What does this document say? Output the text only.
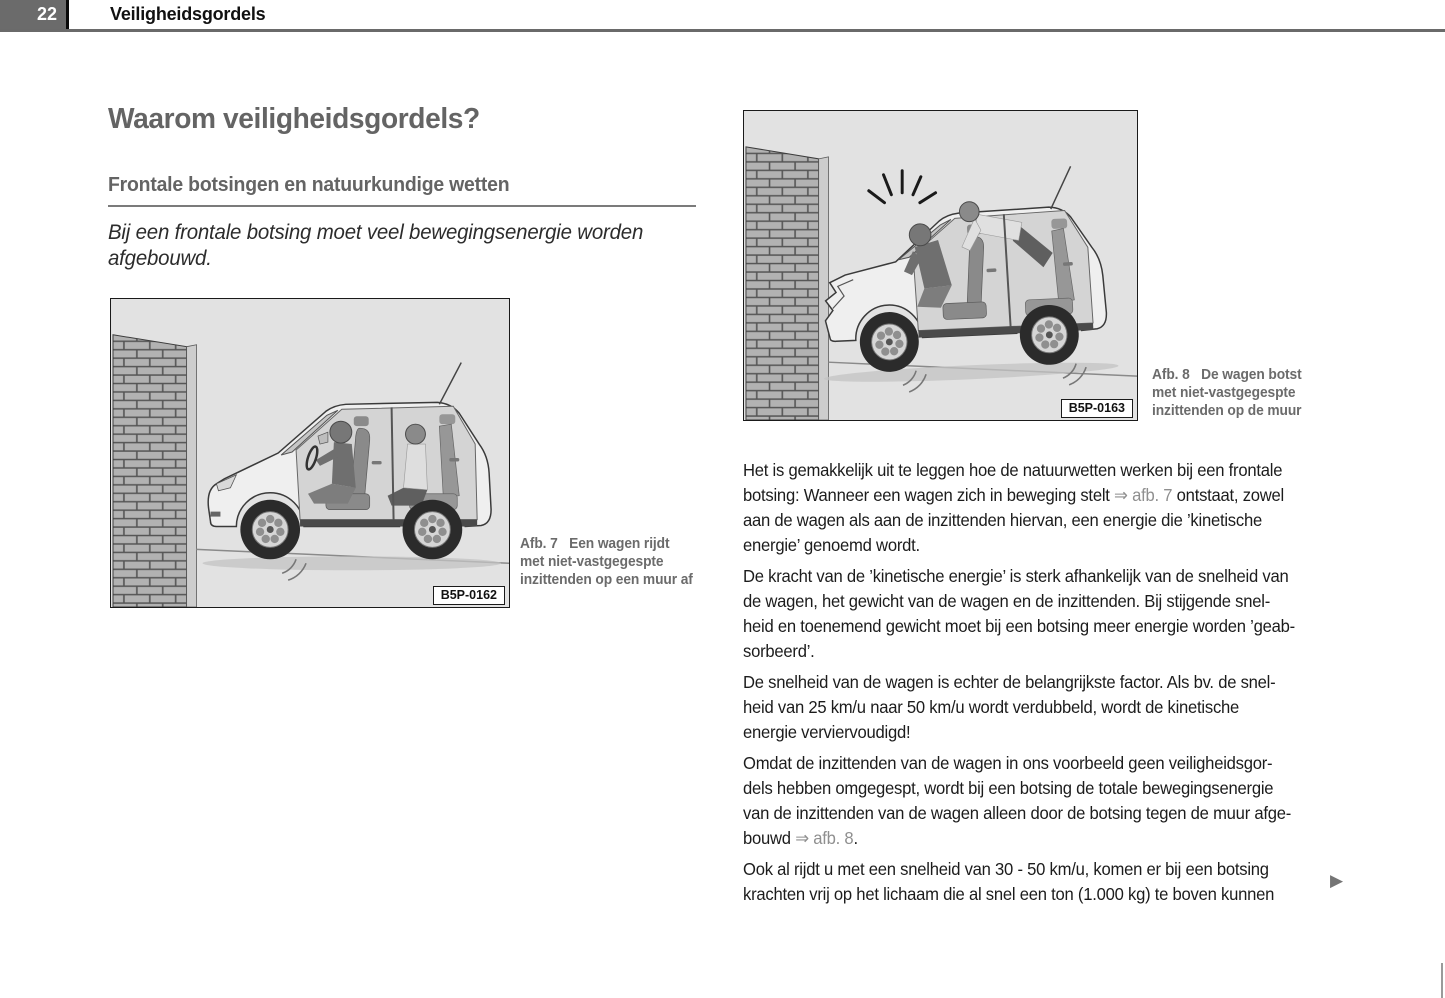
22	Veiligheidsgordels
Waarom veiligheidsgordels?
Frontale botsingen en natuurkundige wetten
Bij een frontale botsing moet veel bewegingsenergie worden afgebouwd.
B5P-0162
Afb. 7 Een wagen rijdt met niet-vastgegespte inzittenden op een muur af
B5P-0163
Afb. 8 De wagen botst met niet-vastgegespte inzittenden op de muur
Het is gemakkelijk uit te leggen hoe de natuurwetten werken bij een frontale
botsing: Wanneer een wagen zich in beweging stelt ⇒ afb. 7 ontstaat, zowel
aan de wagen als aan de inzittenden hiervan, een energie die ’kinetische
energie’ genoemd wordt.
De kracht van de ’kinetische energie’ is sterk afhankelijk van de snelheid van
de wagen, het gewicht van de wagen en de inzittenden. Bij stijgende snel-
heid en toenemend gewicht moet bij een botsing meer energie worden ’geab-
sorbeerd’.
De snelheid van de wagen is echter de belangrijkste factor. Als bv. de snel-
heid van 25 km/u naar 50 km/u wordt verdubbeld, wordt de kinetische
energie verviervoudigd!
Omdat de inzittenden van de wagen in ons voorbeeld geen veiligheidsgor-
dels hebben omgegespt, wordt bij een botsing de totale bewegingsenergie
van de inzittenden van de wagen alleen door de botsing tegen de muur afge-
bouwd ⇒ afb. 8.
Ook al rijdt u met een snelheid van 30 - 50 km/u, komen er bij een botsing
krachten vrij op het lichaam die al snel een ton (1.000 kg) te boven kunnen
▶
